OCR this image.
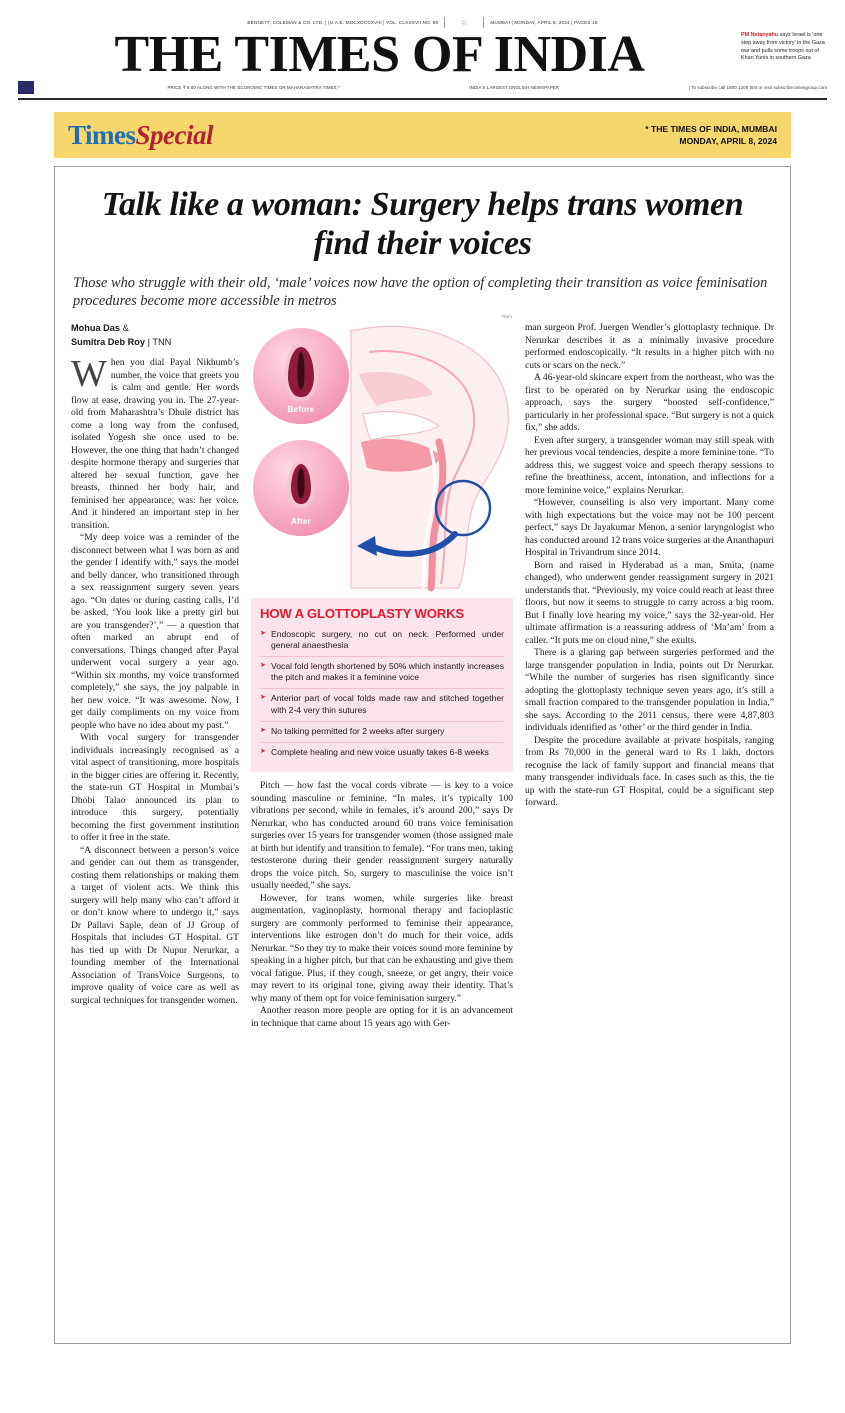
BENNETT, COLEMAN & CO. LTD. | (U.A.E. MOCXDCCXVIII | VOL. CLXXXVII NO. 80	♘	MUMBAI | MONDAY, APRIL 8, 2024 | PAGES 16
THE TIMES OF INDIA	PM Netanyahu says Israel is 'one step away from victory' in the Gaza war and pulls some troops out of Khan Yunis in southern Gaza
PRICE ₹ 5.00 ALONG WITH THE ECONOMIC TIMES OR MAHARASHTRA TIMES *	INDIA'S LARGEST ENGLISH NEWSPAPER	| To subscribe call 1800 1200 004 or visit subscribe.timesgroup.com
TimesSpecial	* THE TIMES OF INDIA, MUMBAI
MONDAY, APRIL 8, 2024
Talk like a woman: Surgery helps trans women find their voices
Those who struggle with their old, ‘male’ voices now have the option of completing their transition as voice feminisation procedures become more accessible in metros
Mohua Das &
Sumitra Deb Roy | TNN

When you dial Payal Nikhumb’s number, the voice that greets you is calm and gentle. Her words flow at ease, drawing you in. The 27-year-old from Maharashtra’s Dhule district has come a long way from the confused, isolated Yogesh she once used to be. However, the one thing that hadn’t changed despite hormone therapy and surgeries that altered her sexual function, gave her breasts, thinned her body hair, and feminised her appearance, was: her voice. And it hindered an important step in her transition.

“My deep voice was a reminder of the disconnect between what I was born as and the gender I identify with,” says the model and belly dancer, who transitioned through a sex reassignment surgery seven years ago. “On dates or during casting calls, I’d be asked, ‘You look like a pretty girl but are you transgender?’,” — a question that often marked an abrupt end of conversations. Things changed after Payal underwent vocal surgery a year ago. “Within six months, my voice transformed completely,” she says, the joy palpable in her new voice. “It was awesome. Now, I get daily compliments on my voice from people who have no idea about my past.”

With vocal surgery for transgender individuals increasingly recognised as a vital aspect of transitioning, more hospitals in the bigger cities are offering it. Recently, the state-run GT Hospital in Mumbai’s Dhobi Talao announced its plan to introduce this surgery, potentially becoming the first government institution to offer it free in the state.

“A disconnect between a person’s voice and gender can out them as transgender, costing them relationships or making them a target of violent acts. We think this surgery will help many who can’t afford it or don’t know where to undergo it,” says Dr Pallavi Saple, dean of JJ Group of Hospitals that includes GT Hospital. GT has tied up with Dr Nupur Nerurkar, a founding member of the International Association of TransVoice Surgeons, to improve quality of voice care as well as surgical techniques for transgender women.

Ram
Before
After
HOW A GLOTTOPLASTY WORKS
➤ Endoscopic surgery, no cut on neck. Performed under general anaesthesia
➤ Vocal fold length shortened by 50% which instantly increases the pitch and makes it a feminine voice
➤ Anterior part of vocal folds made raw and stitched together with 2-4 very thin sutures
➤ No talking permitted for 2 weeks after surgery
➤ Complete healing and new voice usually takes 6-8 weeks

Pitch — how fast the vocal cords vibrate — is key to a voice sounding masculine or feminine. “In males, it’s typically 100 vibrations per second, while in females, it’s around 200,” says Dr Nerurkar, who has conducted around 60 trans voice feminisation surgeries over 15 years for transgender women (those assigned male at birth but identify and transition to female). “For trans men, taking testosterone during their gender reassignment surgery naturally drops the voice pitch. So, surgery to masculinise the voice isn’t usually needed,” she says.

However, for trans women, while surgeries like breast augmentation, vaginoplasty, hormonal therapy and facioplastic surgery are commonly performed to feminise their appearance, interventions like estrogen don’t do much for their voice, adds Nerurkar. “So they try to make their voices sound more feminine by speaking in a higher pitch, but that can be exhausting and give them vocal fatigue. Plus, if they cough, sneeze, or get angry, their voice may revert to its original tone, giving away their identity. That’s why many of them opt for voice feminisation surgery.”

Another reason more people are opting for it is an advancement in technique that came about 15 years ago with Ger-

man surgeon Prof. Juergen Wendler’s glottoplasty technique. Dr Nerurkar describes it as a minimally invasive procedure performed endoscopically. “It results in a higher pitch with no cuts or scars on the neck.”

A 46-year-old skincare expert from the northeast, who was the first to be operated on by Nerurkar using the endoscopic approach, says the surgery “boosted self-confidence,” particularly in her professional space. “But surgery is not a quick fix,” she adds.

Even after surgery, a transgender woman may still speak with her previous vocal tendencies, despite a more feminine tone. “To address this, we suggest voice and speech therapy sessions to refine the breathiness, accent, intonation, and inflections for a more feminine voice,” explains Nerurkar.

“However, counselling is also very important. Many come with high expectations but the voice may not be 100 percent perfect,” says Dr Jayakumar Menon, a senior laryngologist who has conducted around 12 trans voice surgeries at the Ananthapuri Hospital in Trivandrum since 2014.

Born and raised in Hyderabad as a man, Smita, (name changed), who underwent gender reassignment surgery in 2021 understands that. “Previously, my voice could reach at least three floors, but now it seems to struggle to carry across a big room. But I finally love hearing my voice,” says the 32-year-old. Her ultimate affirmation is a reassuring address of ‘Ma’am’ from a caller. “It puts me on cloud nine,” she exults.

There is a glaring gap between surgeries performed and the large transgender population in India, points out Dr Nerurkar. “While the number of surgeries has risen significantly since adopting the glottoplasty technique seven years ago, it’s still a small fraction compared to the transgender population in India,” she says. According to the 2011 census, there were 4,87,803 individuals identified as ‘other’ or the third gender in India.

Despite the procedure available at private hospitals, ranging from Rs 70,000 in the general ward to Rs 1 lakh, doctors recognise the lack of family support and financial means that many transgender individuals face. In cases such as this, the tie up with the state-run GT Hospital, could be a significant step forward.
